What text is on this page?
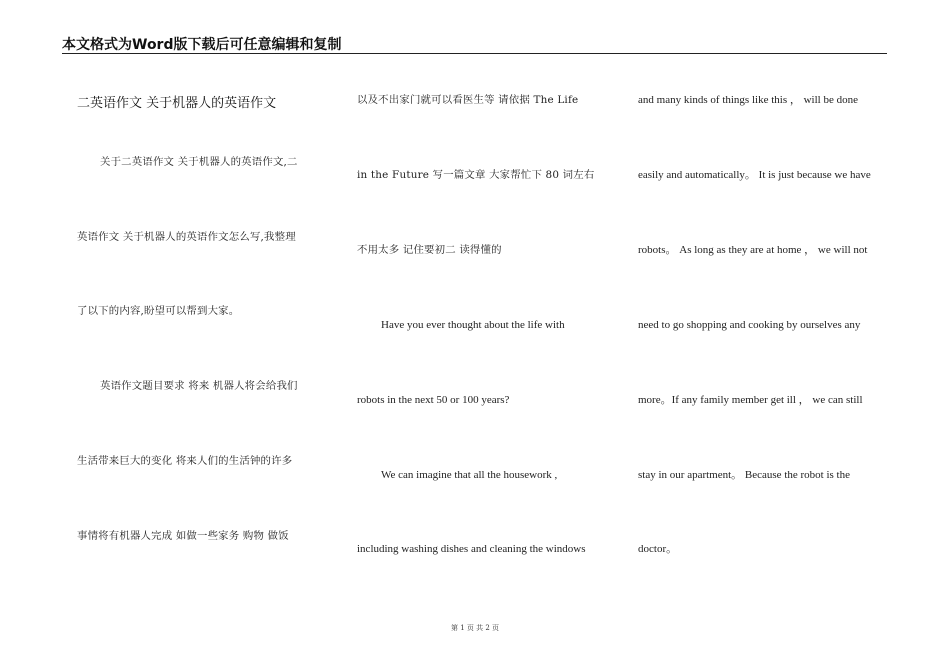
本文格式为Word版下载后可任意编辑和复制
二英语作文 关于机器人的英语作文
关于二英语作文 关于机器人的英语作文,二
英语作文 关于机器人的英语作文怎么写,我整理
了以下的内容,盼望可以帮到大家。
英语作文题目要求 将来 机器人将会给我们
生活带来巨大的变化 将来人们的生活钟的许多
事情将有机器人完成 如做一些家务 购物 做饭
以及不出家门就可以看医生等 请依据 The Life
in the Future 写一篇文章 大家帮忙下 80 词左右
不用太多 记住要初二 读得懂的
Have you ever thought about the life with
robots in the next 50 or 100 years?
We can imagine that all the housework ,
including washing dishes and cleaning the windows
and many kinds of things like this ， will be done
easily and automatically。 It is just because we have
robots。 As long as they are at home ， we will not
need to go shopping and cooking by ourselves any
more。If any family member get ill ， we can still
stay in our apartment。 Because the robot is the
doctor。
第 1 页 共 2 页
